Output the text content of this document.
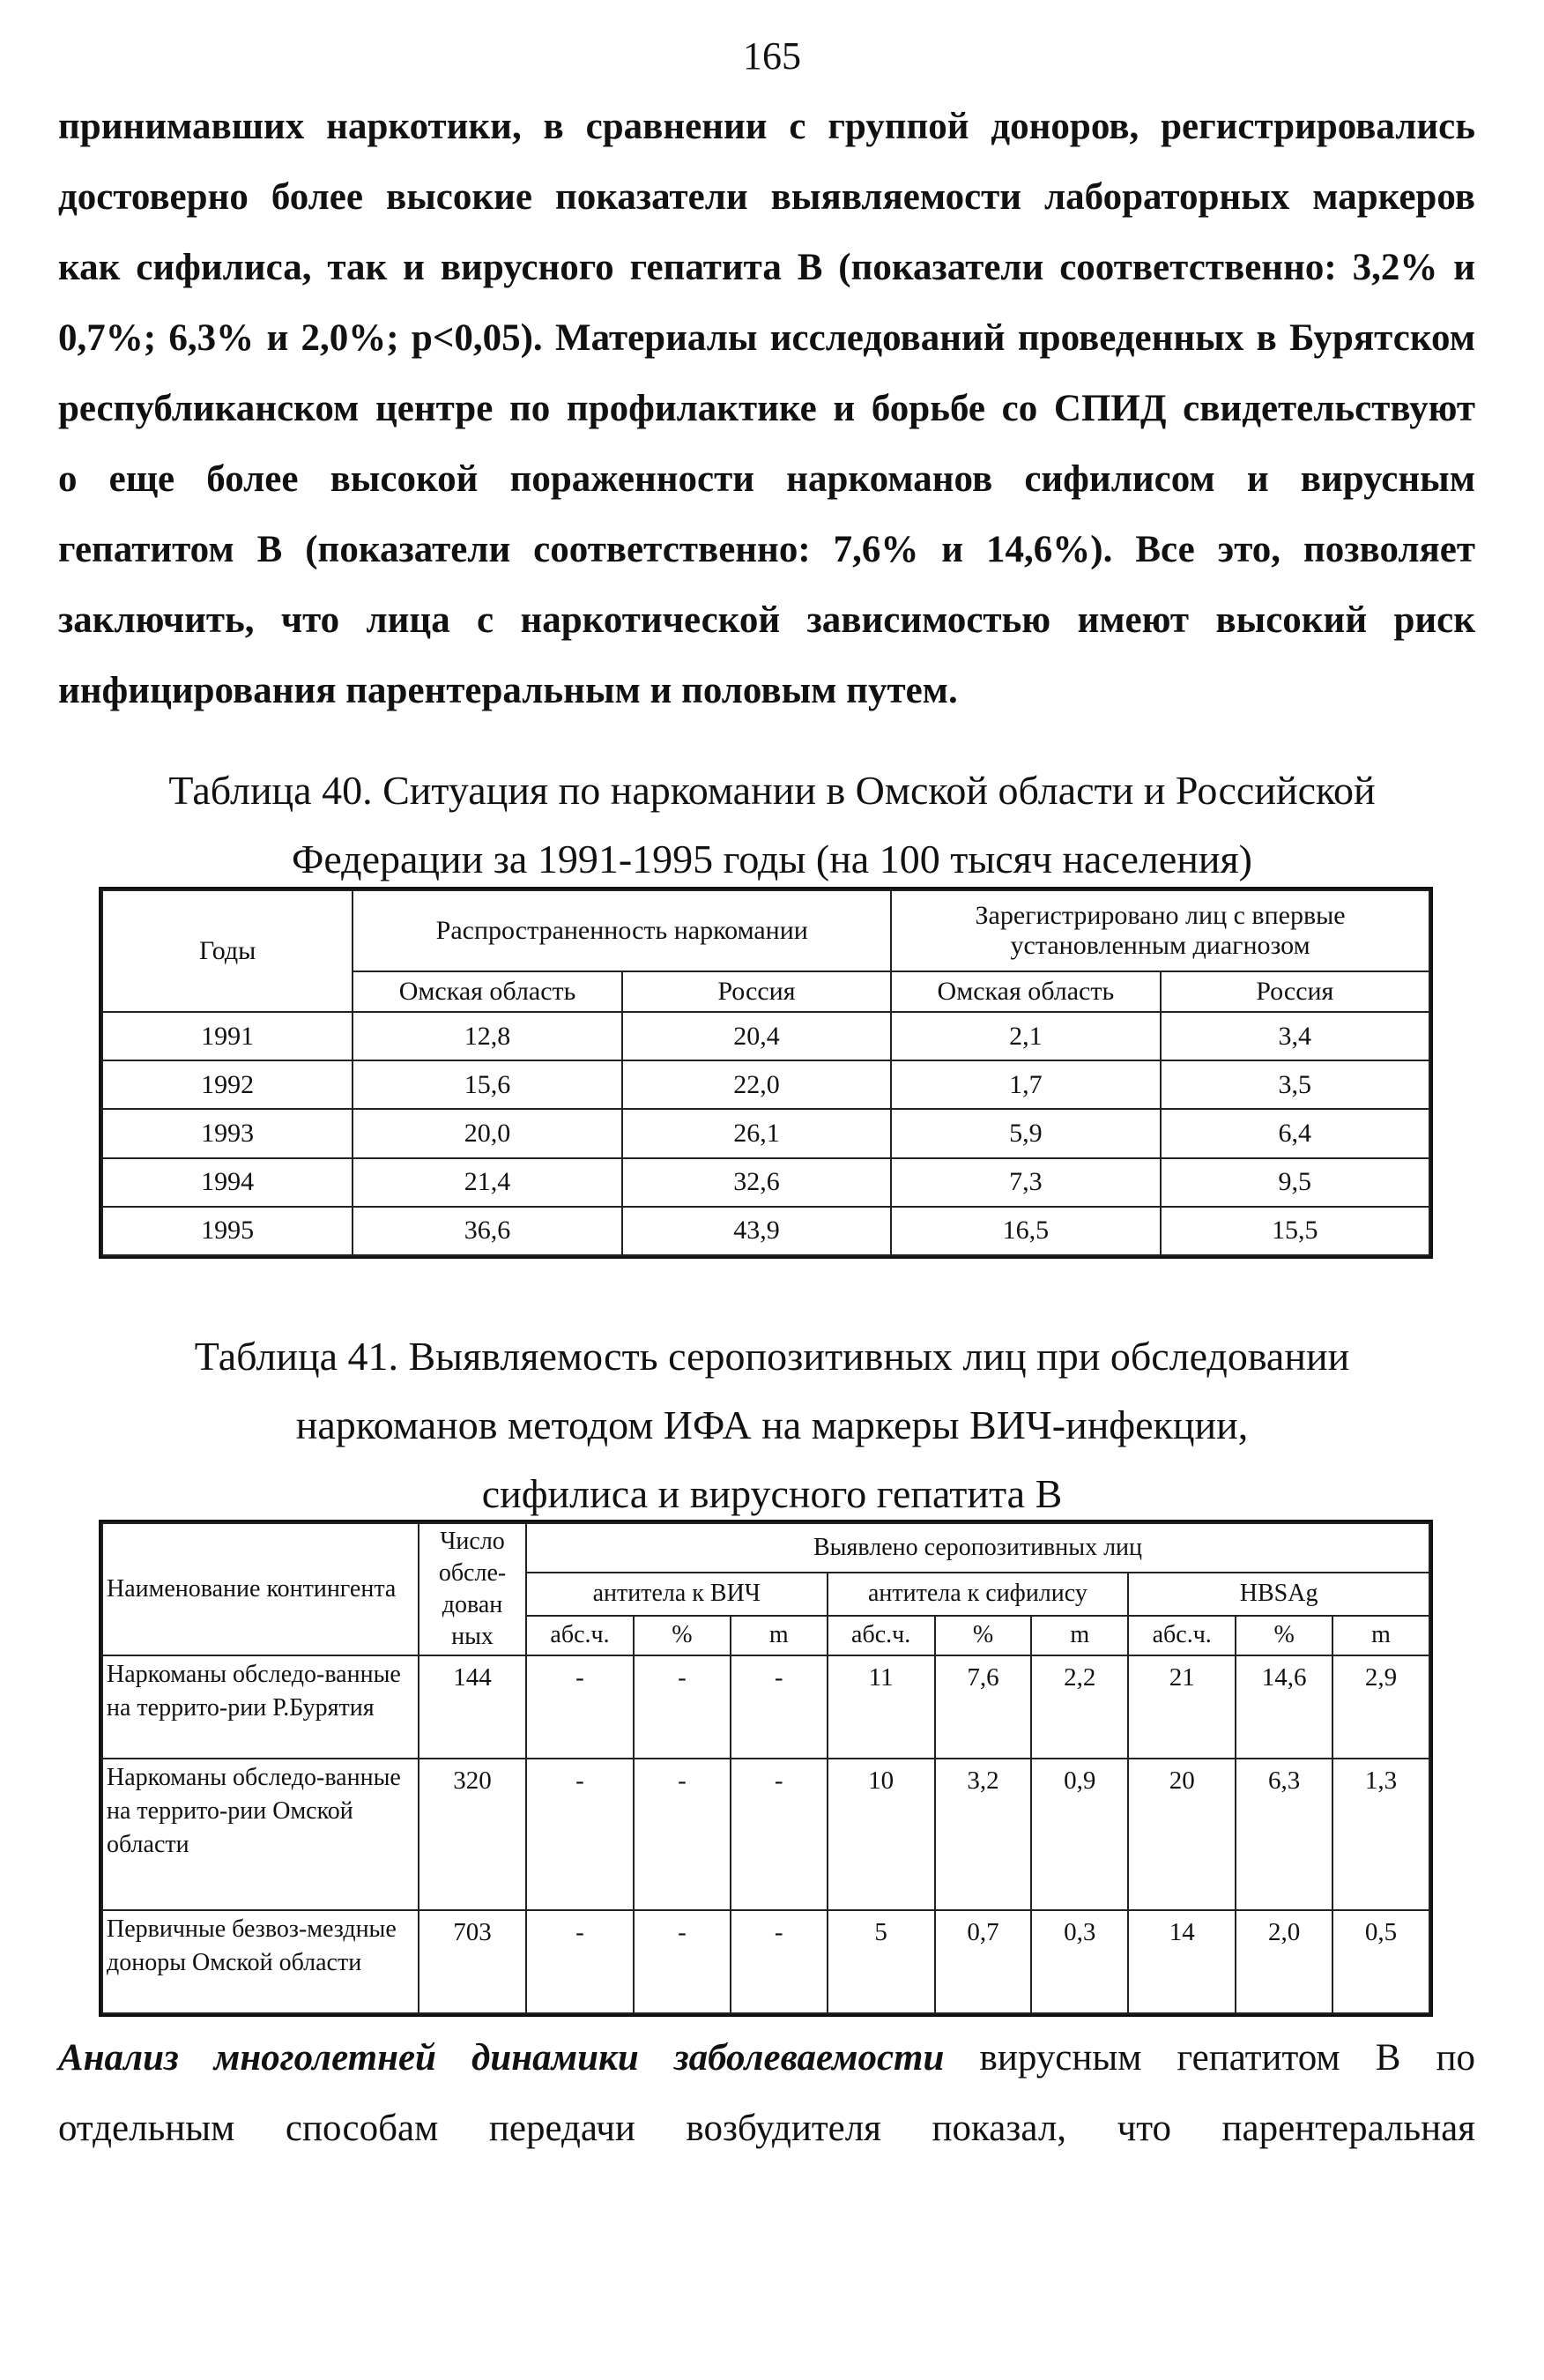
165
принимавших наркотики, в сравнении с группой доноров, регистрировались
достоверно более высокие показатели выявляемости лабораторных маркеров
как сифилиса, так и вирусного гепатита В (показатели соответственно: 3,2% и
0,7%; 6,3% и 2,0%; p<0,05). Материалы исследований проведенных в Бурятском
республиканском центре по профилактике и борьбе со СПИД свидетельствуют
о еще более высокой пораженности наркоманов сифилисом и вирусным
гепатитом В (показатели соответственно: 7,6% и 14,6%). Все это, позволяет
заключить, что лица с наркотической зависимостью имеют высокий риск
инфицирования парентеральным и половым путем.
Таблица 40. Ситуация по наркомании в Омской области и Российской
Федерации за 1991-1995 годы (на 100 тысяч населения)
Годы	Распространенность наркомании		Зарегистрировано лиц с впервые установленным диагнозом	
	Омская область	Россия	Омская область	Россия
1991	12,8	20,4	2,1	3,4
1992	15,6	22,0	1,7	3,5
1993	20,0	26,1	5,9	6,4
1994	21,4	32,6	7,3	9,5
1995	36,6	43,9	16,5	15,5
Таблица 41. Выявляемость серопозитивных лиц при обследовании
наркоманов методом ИФА на маркеры ВИЧ-инфекции,
сифилиса и вирусного гепатита В
Наименование контингента	Число обсле-дован ных	Выявлено серопозитивных лиц								
		антитела к ВИЧ			антитела к сифилису			HBSAg		
		абс.ч.	%	m	абс.ч.	%	m	абс.ч.	%	m
Наркоманы обследо-ванные на террито-рии Р.Бурятия	144	-	-	-	11	7,6	2,2	21	14,6	2,9
Наркоманы обследо-ванные на террито-рии Омской области	320	-	-	-	10	3,2	0,9	20	6,3	1,3
Первичные безвоз-мездные доноры Омской области	703	-	-	-	5	0,7	0,3	14	2,0	0,5
Анализ многолетней динамики заболеваемости вирусным гепатитом В по
отдельным способам передачи возбудителя показал, что парентеральная
